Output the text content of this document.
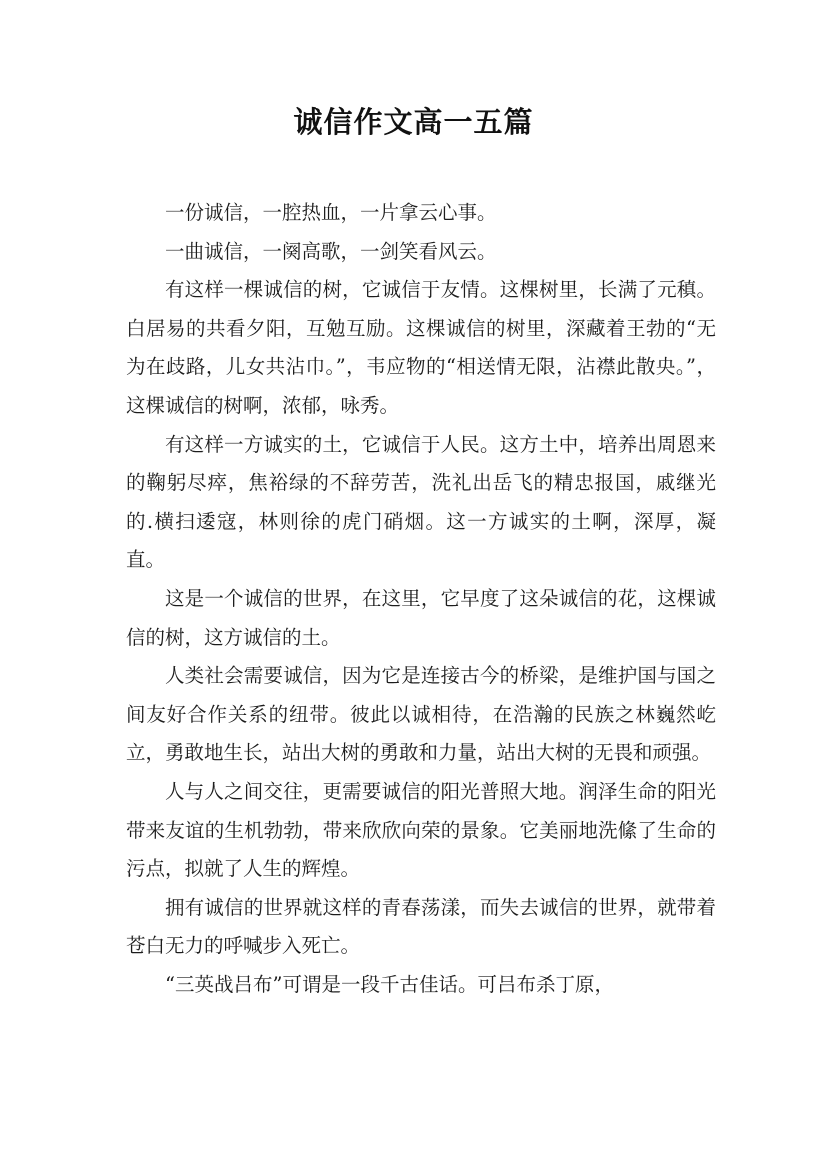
诚信作文高一五篇

一份诚信，一腔热血，一片拿云心事。

一曲诚信，一阕高歌，一剑笑看风云。

有这样一棵诚信的树，它诚信于友情。这棵树里，长满了元稹。白居易的共看夕阳，互勉互励。这棵诚信的树里，深藏着王勃的“无为在歧路，儿女共沾巾。”，韦应物的“相送情无限，沾襟此散央。”，这棵诚信的树啊，浓郁，咏秀。

有这样一方诚实的土，它诚信于人民。这方土中，培养出周恩来的鞠躬尽瘁，焦裕绿的不辞劳苦，洗礼出岳飞的精忠报国，戚继光的.横扫逶寇，林则徐的虎门硝烟。这一方诚实的土啊，深厚，凝直。

这是一个诚信的世界，在这里，它早度了这朵诚信的花，这棵诚信的树，这方诚信的土。

人类社会需要诚信，因为它是连接古今的桥梁，是维护国与国之间友好合作关系的纽带。彼此以诚相待，在浩瀚的民族之林巍然屹立，勇敢地生长，站出大树的勇敢和力量，站出大树的无畏和顽强。

人与人之间交往，更需要诚信的阳光普照大地。润泽生命的阳光带来友谊的生机勃勃，带来欣欣向荣的景象。它美丽地洗絛了生命的污点，拟就了人生的辉煌。

拥有诚信的世界就这样的青春荡漾，而失去诚信的世界，就带着苍白无力的呼喊步入死亡。

“三英战吕布”可谓是一段千古佳话。可吕布杀丁原，
